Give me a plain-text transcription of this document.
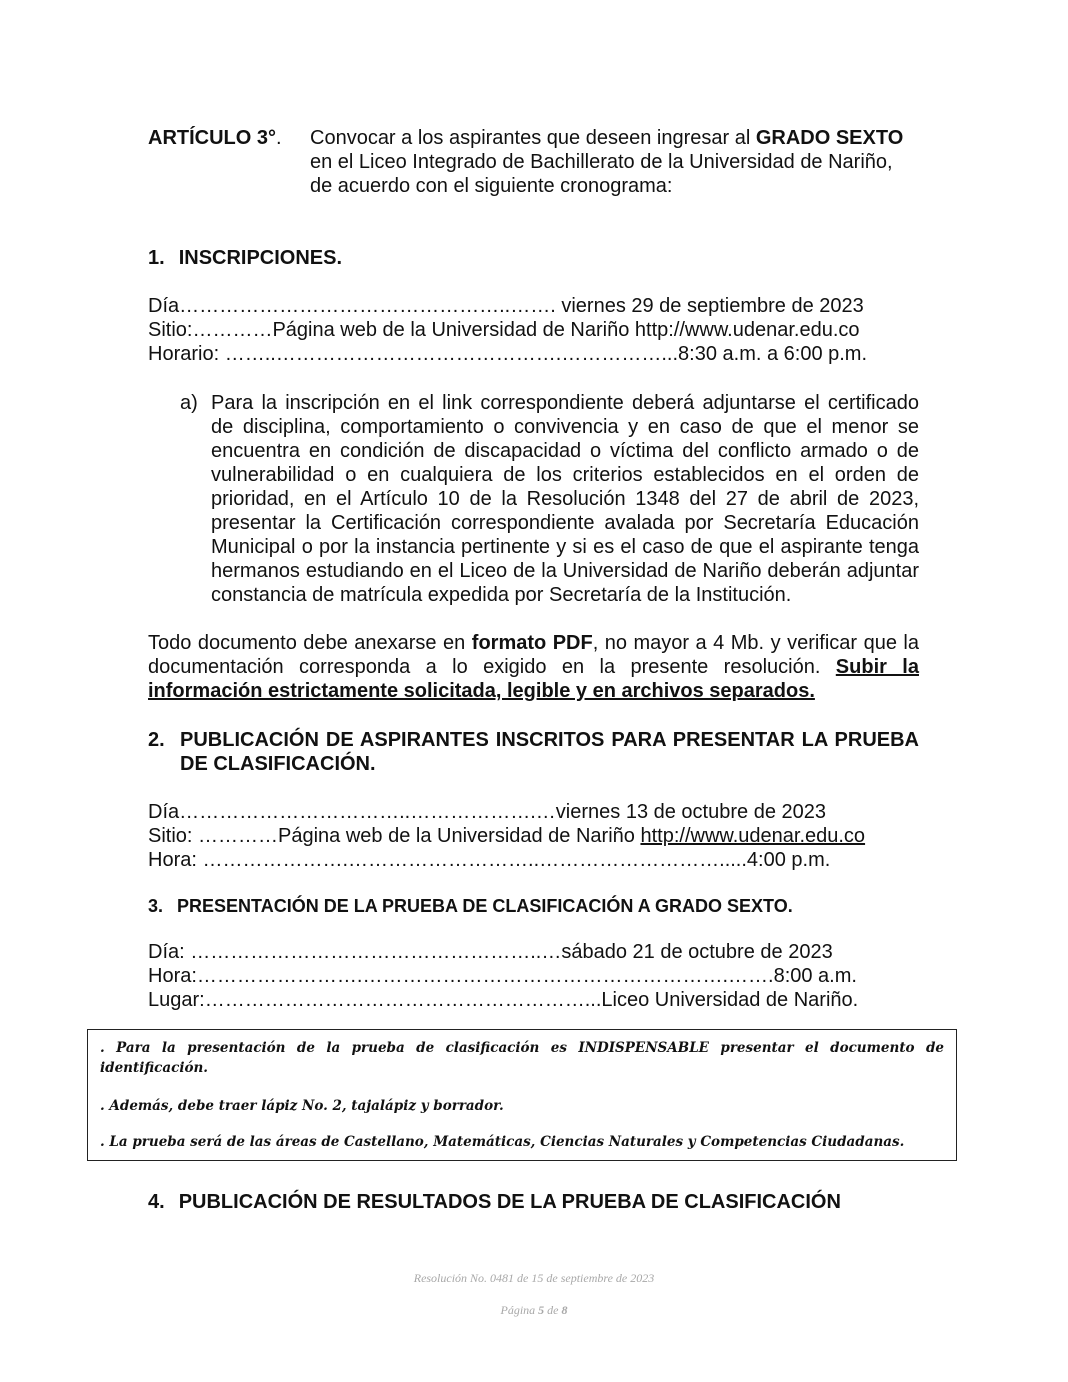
ARTÍCULO 3°. Convocar a los aspirantes que deseen ingresar al GRADO SEXTO
en el Liceo Integrado de Bachillerato de la Universidad de Nariño,
de acuerdo con el siguiente cronograma:
1. INSCRIPCIONES.
Día…………………………………………..……. viernes 29 de septiembre de 2023
Sitio:…………Página web de la Universidad de Nariño http://www.udenar.edu.co
Horario: ……..…………………………………….……………...8:30 a.m. a 6:00 p.m.
a) Para la inscripción en el link correspondiente deberá adjuntarse el certificado de disciplina, comportamiento o convivencia y en caso de que el menor se encuentra en condición de discapacidad o víctima del conflicto armado o de vulnerabilidad o en cualquiera de los criterios establecidos en el orden de prioridad, en el Artículo 10 de la Resolución 1348 del 27 de abril de 2023, presentar la Certificación correspondiente avalada por Secretaría Educación Municipal o por la instancia pertinente y si es el caso de que el aspirante tenga hermanos estudiando en el Liceo de la Universidad de Nariño deberán adjuntar constancia de matrícula expedida por Secretaría de la Institución.
Todo documento debe anexarse en formato PDF, no mayor a 4 Mb. y verificar que la documentación corresponda a lo exigido en la presente resolución. Subir la información estrictamente solicitada, legible y en archivos separados.
2. PUBLICACIÓN DE ASPIRANTES INSCRITOS PARA PRESENTAR LA PRUEBA DE CLASIFICACIÓN.
Día……………………………..……………….…viernes 13 de octubre de 2023
Sitio: …………Página web de la Universidad de Nariño http://www.udenar.edu.co
Hora: ………………….………………………..……………………….....4:00 p.m.
3. PRESENTACIÓN DE LA PRUEBA DE CLASIFICACIÓN A GRADO SEXTO.
Día: ……………………………………………..…sábado 21 de octubre de 2023
Hora:…………………….……………………………………………….…….8:00 a.m.
Lugar:…………………………………………………...Liceo Universidad de Nariño.

. Para la presentación de la prueba de clasificación es INDISPENSABLE presentar el documento de identificación.

. Además, debe traer lápiz No. 2, tajalápiz y borrador.

. La prueba será de las áreas de Castellano, Matemáticas, Ciencias Naturales y Competencias Ciudadanas.

4. PUBLICACIÓN DE RESULTADOS DE LA PRUEBA DE CLASIFICACIÓN
Resolución No. 0481 de 15 de septiembre de 2023
Página 5 de 8
